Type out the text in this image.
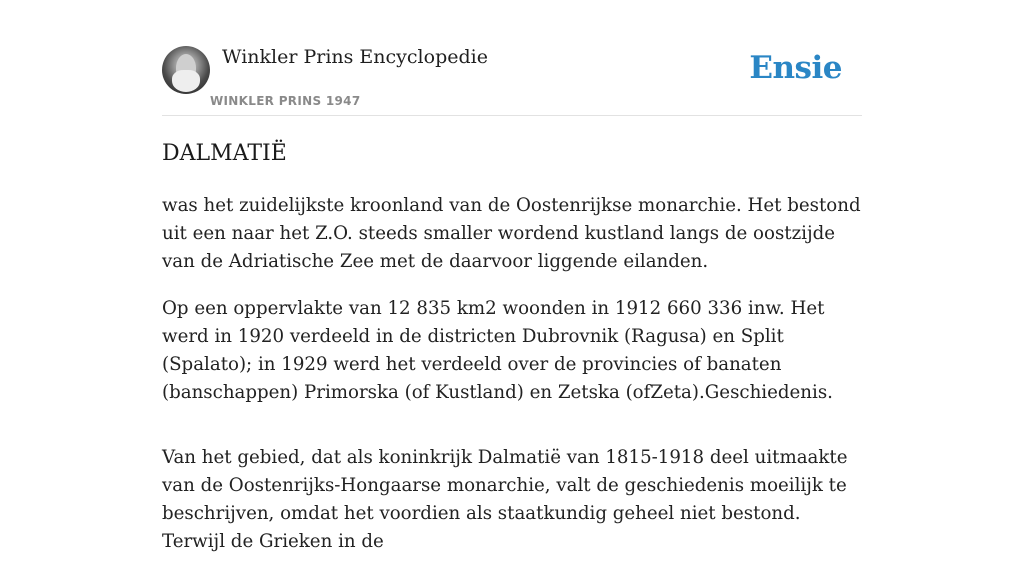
Winkler Prins Encyclopedie
WINKLER PRINS 1947
Ensie
DALMATIË

was het zuidelijkste kroonland van de Oostenrijkse monarchie. Het bestond uit een naar het Z.O. steeds smaller wordend kustland langs de oostzijde van de Adriatische Zee met de daarvoor liggende eilanden.

Op een oppervlakte van 12 835 km2 woonden in 1912 660 336 inw. Het werd in 1920 verdeeld in de districten Dubrovnik (Ragusa) en Split (Spalato); in 1929 werd het verdeeld over de provincies of banaten (banschappen) Primorska (of Kustland) en Zetska (ofZeta).Geschiedenis.

Van het gebied, dat als koninkrijk Dalmatië van 1815-1918 deel uitmaakte van de Oostenrijks-Hongaarse monarchie, valt de geschiedenis moeilijk te beschrijven, omdat het voordien als staatkundig geheel niet bestond. Terwijl de Grieken in de
